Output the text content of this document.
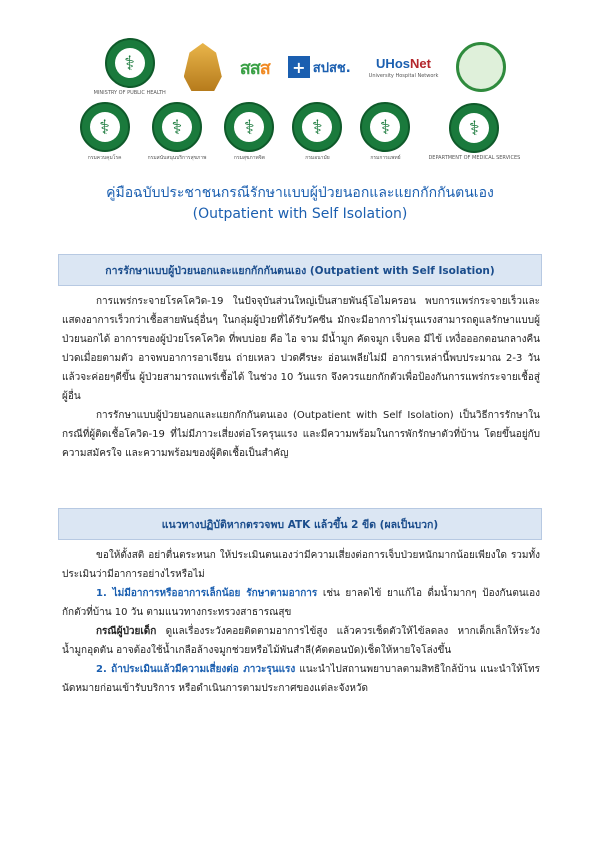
⚕
MINISTRY OF PUBLIC HEALTH
สสส + สปสช. UHosNet
University Hospital Network
⚕
กรมควบคุมโรค
⚕	กรมสนับสนุนบริการสุขภาพ
⚕	กรมสุขภาพจิต
⚕	กรมอนามัย
⚕	กรมการแพทย์
⚕	DEPARTMENT OF MEDICAL SERVICES
คู่มือฉบับประชาชนกรณีรักษาแบบผู้ป่วยนอกและแยกกักกันตนเอง
(Outpatient with Self Isolation)
การรักษาแบบผู้ป่วยนอกและแยกกักกันตนเอง (Outpatient with Self Isolation)

การแพร่กระจายโรคโควิด-19 ในปัจจุบันส่วนใหญ่เป็นสายพันธุ์โอไมครอน พบการแพร่กระจายเร็วและแสดงอาการเร็วกว่าเชื้อสายพันธุ์อื่นๆ ในกลุ่มผู้ป่วยที่ได้รับวัคซีน มักจะมีอาการไม่รุนแรงสามารถดูแลรักษาแบบผู้ป่วยนอกได้ อาการของผู้ป่วยโรคโควิด ที่พบบ่อย คือ ไอ จาม มีน้ำมูก คัดจมูก เจ็บคอ มีไข้ เหงื่อออกตอนกลางคืน ปวดเมื่อยตามตัว อาจพบอาการอาเจียน ถ่ายเหลว ปวดศีรษะ อ่อนเพลียไม่มี อาการเหล่านี้พบประมาณ 2-3 วัน แล้วจะค่อยๆดีขึ้น ผู้ป่วยสามารถแพร่เชื้อได้ ในช่วง 10 วันแรก จึงควรแยกกักตัวเพื่อป้องกันการแพร่กระจายเชื้อสู่ผู้อื่น

การรักษาแบบผู้ป่วยนอกและแยกกักกันตนเอง (Outpatient with Self Isolation) เป็นวิธีการรักษาในกรณีที่ผู้ติดเชื้อโควิด-19 ที่ไม่มีภาวะเสี่ยงต่อโรครุนแรง และมีความพร้อมในการพักรักษาตัวที่บ้าน โดยขึ้นอยู่กับความสมัครใจ และความพร้อมของผู้ติดเชื้อเป็นสำคัญ

แนวทางปฏิบัติหากตรวจพบ ATK แล้วขึ้น 2 ขีด (ผลเป็นบวก)

ขอให้ตั้งสติ อย่าตื่นตระหนก ให้ประเมินตนเองว่ามีความเสี่ยงต่อการเจ็บป่วยหนักมากน้อยเพียงใด รวมทั้งประเมินว่ามีอาการอย่างไรหรือไม่

1. ไม่มีอาการหรืออาการเล็กน้อย รักษาตามอาการ เช่น ยาลดไข้ ยาแก้ไอ ดื่มน้ำมากๆ ป้องกันตนเองกักตัวที่บ้าน 10 วัน ตามแนวทางกระทรวงสาธารณสุข

กรณีผู้ป่วยเด็ก ดูแลเรื่องระวังคอยติดตามอาการไข้สูง แล้วควรเช็ดตัวให้ไข้ลดลง หากเด็กเล็กให้ระวังน้ำมูกอุดตัน อาจต้องใช้น้ำเกลือล้างจมูกช่วยหรือไม้พันสำลี(คัตตอนบัด)เช็ดให้หายใจโล่งขึ้น

2. ถ้าประเมินแล้วมีความเสี่ยงต่อ ภาวะรุนแรง แนะนำไปสถานพยาบาลตามสิทธิใกล้บ้าน แนะนำให้โทรนัดหมายก่อนเข้ารับบริการ หรือดำเนินการตามประกาศของแต่ละจังหวัด
